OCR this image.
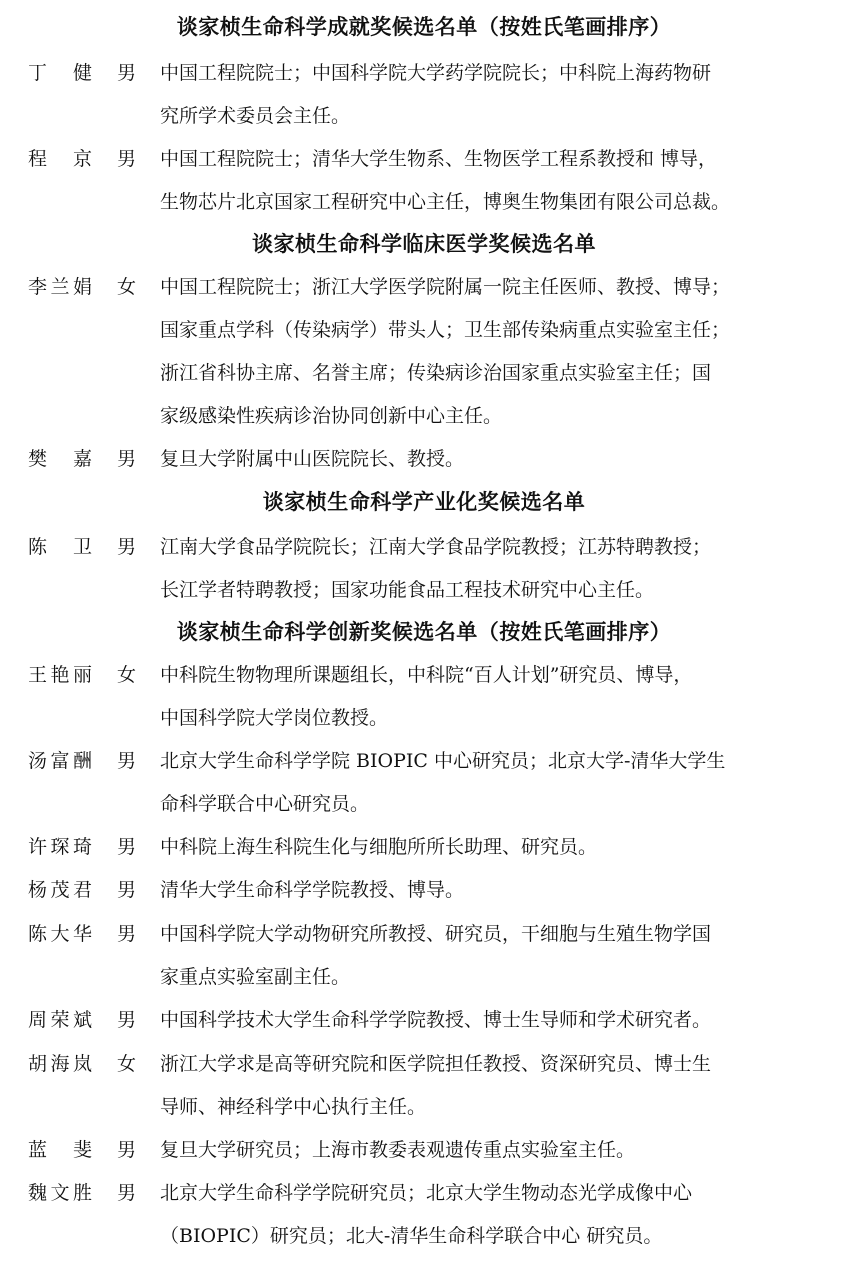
谈家桢生命科学成就奖候选名单（按姓氏笔画排序）
丁 健 男 中国工程院院士；中国科学院大学药学院院长；中科院上海药物研
究所学术委员会主任。
程 京 男 中国工程院院士；清华大学生物系、生物医学工程系教授和 博导，
生物芯片北京国家工程研究中心主任，博奥生物集团有限公司总裁。
谈家桢生命科学临床医学奖候选名单
李兰娟 女 中国工程院院士；浙江大学医学院附属一院主任医师、教授、博导；
国家重点学科（传染病学）带头人；卫生部传染病重点实验室主任；
浙江省科协主席、名誉主席；传染病诊治国家重点实验室主任；国
家级感染性疾病诊治协同创新中心主任。
樊 嘉 男 复旦大学附属中山医院院长、教授。
谈家桢生命科学产业化奖候选名单
陈 卫 男 江南大学食品学院院长；江南大学食品学院教授；江苏特聘教授；
长江学者特聘教授；国家功能食品工程技术研究中心主任。
谈家桢生命科学创新奖候选名单（按姓氏笔画排序）
王艳丽 女 中科院生物物理所课题组长，中科院“百人计划”研究员、博导，
中国科学院大学岗位教授。
汤富酬 男 北京大学生命科学学院 BIOPIC 中心研究员；北京大学-清华大学生
命科学联合中心研究员。
许琛琦 男 中科院上海生科院生化与细胞所所长助理、研究员。
杨茂君 男 清华大学生命科学学院教授、博导。
陈大华 男 中国科学院大学动物研究所教授、研究员，干细胞与生殖生物学国
家重点实验室副主任。
周荣斌 男 中国科学技术大学生命科学学院教授、博士生导师和学术研究者。
胡海岚 女 浙江大学求是高等研究院和医学院担任教授、资深研究员、博士生
导师、神经科学中心执行主任。
蓝 斐 男 复旦大学研究员；上海市教委表观遗传重点实验室主任。
魏文胜 男 北京大学生命科学学院研究员；北京大学生物动态光学成像中心
（BIOPIC）研究员；北大-清华生命科学联合中心 研究员。
